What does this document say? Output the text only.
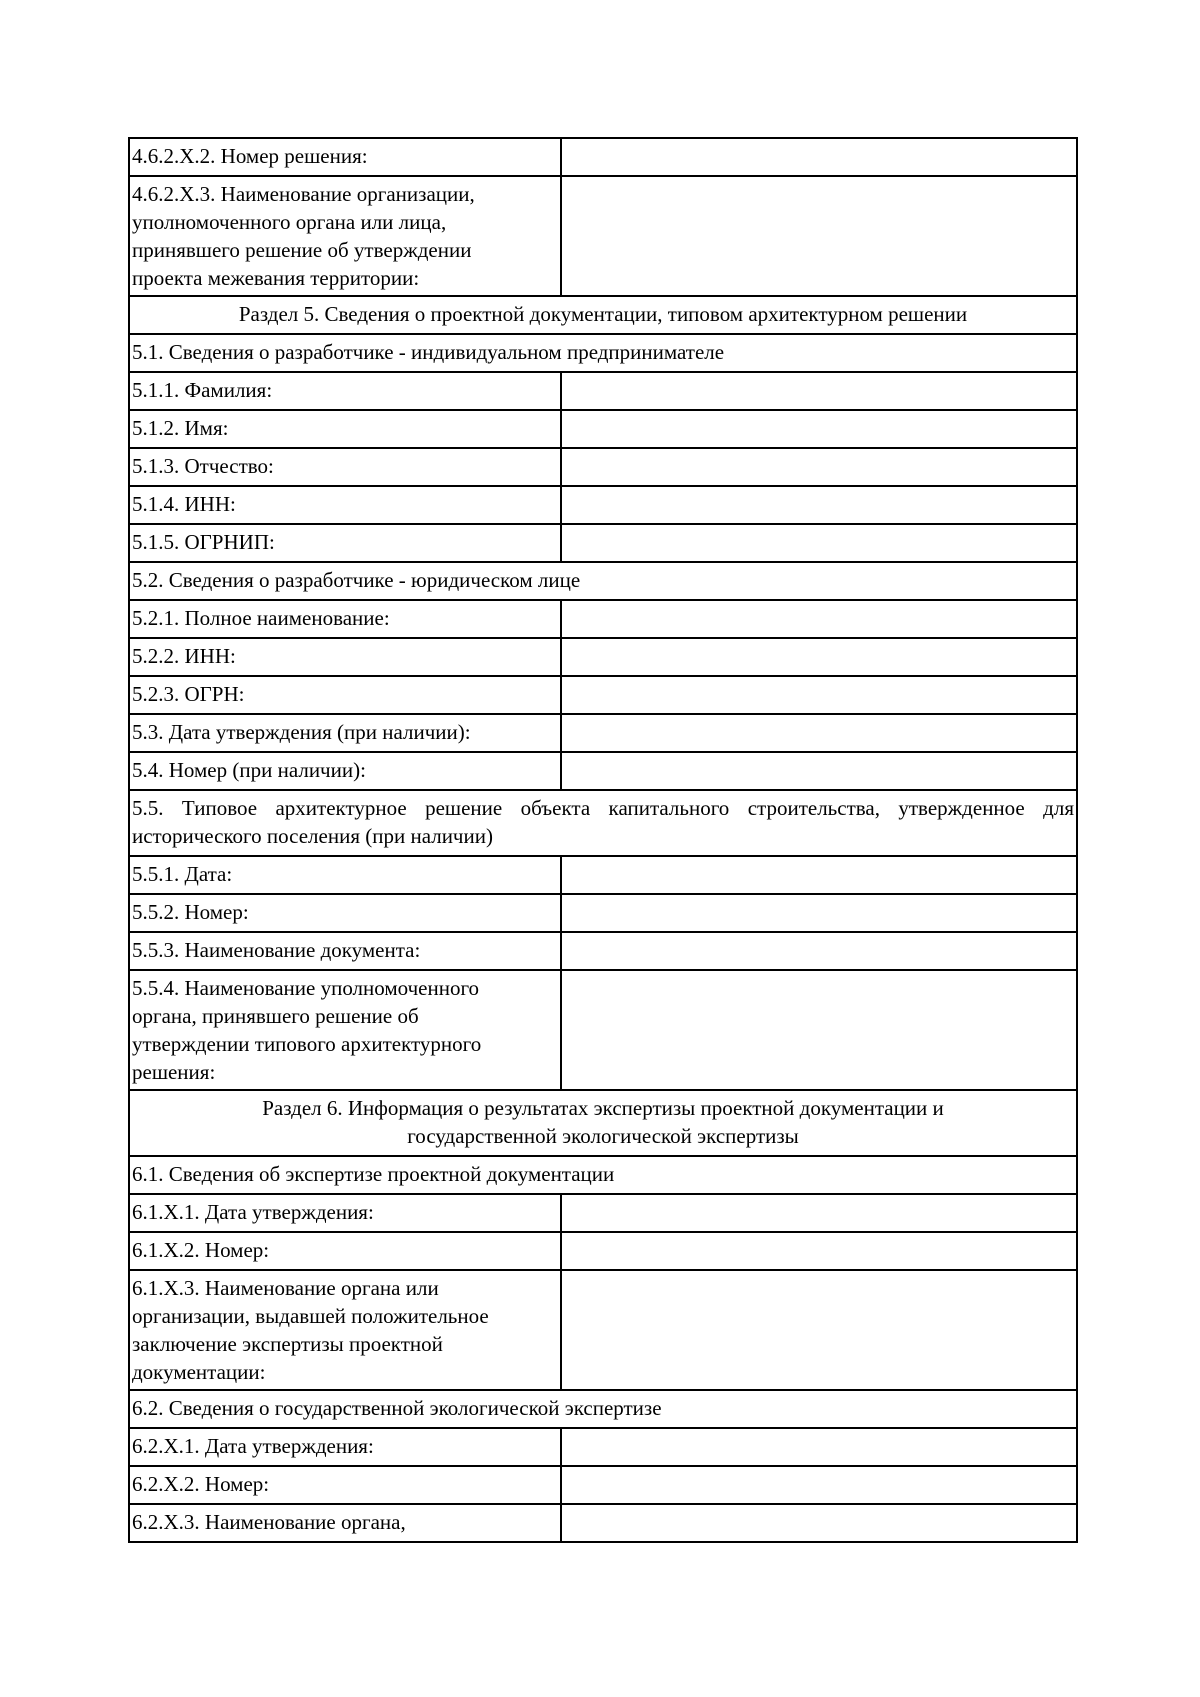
4.6.2.Х.2. Номер решения:	
4.6.2.Х.3. Наименование организации,
уполномоченного органа или лица,
принявшего решение об утверждении
проекта межевания территории:	
Раздел 5. Сведения о проектной документации, типовом архитектурном решении	
5.1. Сведения о разработчике - индивидуальном предпринимателе	
5.1.1. Фамилия:	
5.1.2. Имя:	
5.1.3. Отчество:	
5.1.4. ИНН:	
5.1.5. ОГРНИП:	
5.2. Сведения о разработчике - юридическом лице	
5.2.1. Полное наименование:	
5.2.2. ИНН:	
5.2.3. ОГРН:	
5.3. Дата утверждения (при наличии):	
5.4. Номер (при наличии):	
5.5. Типовое архитектурное решение объекта капитального строительства, утвержденное для исторического поселения (при наличии)	
5.5.1. Дата:	
5.5.2. Номер:	
5.5.3. Наименование документа:	
5.5.4. Наименование уполномоченного
органа, принявшего решение об
утверждении типового архитектурного
решения:	
Раздел 6. Информация о результатах экспертизы проектной документации и
государственной экологической экспертизы	
6.1. Сведения об экспертизе проектной документации	
6.1.Х.1. Дата утверждения:	
6.1.Х.2. Номер:	
6.1.Х.3. Наименование органа или
организации, выдавшей положительное
заключение экспертизы проектной
документации:	
6.2. Сведения о государственной экологической экспертизе	
6.2.Х.1. Дата утверждения:	
6.2.Х.2. Номер:	
6.2.Х.3. Наименование органа,	
